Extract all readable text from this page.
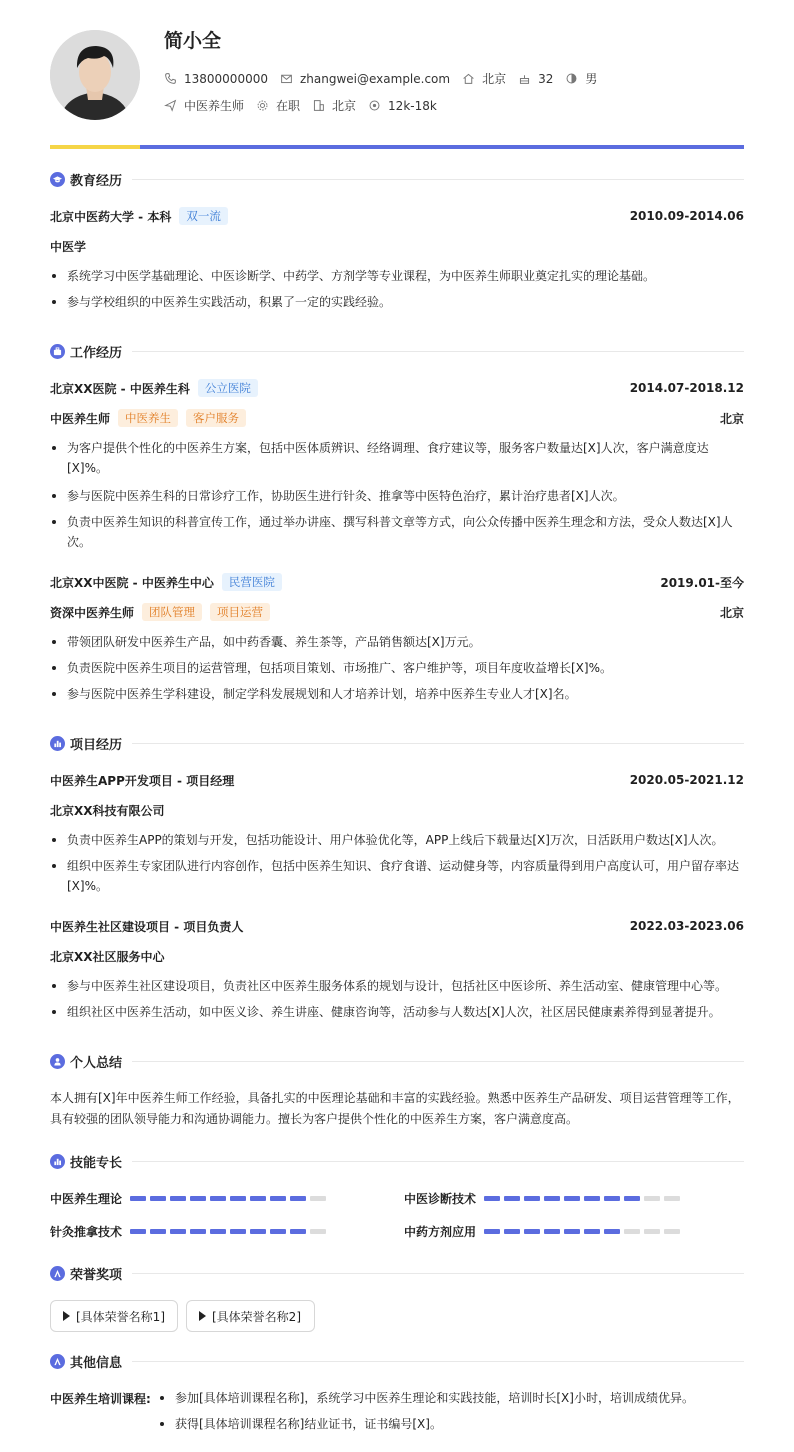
简小全
13800000000	zhangwei@example.com	北京	32	男
中医养生师	在职	北京	12k-18k
教育经历
北京中医药大学 - 本科	双一流	2010.09-2014.06
中医学
系统学习中医学基础理论、中医诊断学、中药学、方剂学等专业课程，为中医养生师职业奠定扎实的理论基础。
参与学校组织的中医养生实践活动，积累了一定的实践经验。
工作经历
北京XX医院 - 中医养生科	公立医院	2014.07-2018.12
中医养生师	中医养生	客户服务	北京
为客户提供个性化的中医养生方案，包括中医体质辨识、经络调理、食疗建议等，服务客户数量达[X]人次，客户满意度达
[X]%。
参与医院中医养生科的日常诊疗工作，协助医生进行针灸、推拿等中医特色治疗，累计治疗患者[X]人次。
负责中医养生知识的科普宣传工作，通过举办讲座、撰写科普文章等方式，向公众传播中医养生理念和方法，受众人数达[X]人
次。
北京XX中医院 - 中医养生中心	民营医院	2019.01-至今
资深中医养生师	团队管理	项目运营	北京
带领团队研发中医养生产品，如中药香囊、养生茶等，产品销售额达[X]万元。
负责医院中医养生项目的运营管理，包括项目策划、市场推广、客户维护等，项目年度收益增长[X]%。
参与医院中医养生学科建设，制定学科发展规划和人才培养计划，培养中医养生专业人才[X]名。
项目经历
中医养生APP开发项目 - 项目经理	2020.05-2021.12
北京XX科技有限公司
负责中医养生APP的策划与开发，包括功能设计、用户体验优化等，APP上线后下载量达[X]万次，日活跃用户数达[X]人次。
组织中医养生专家团队进行内容创作，包括中医养生知识、食疗食谱、运动健身等，内容质量得到用户高度认可，用户留存率达
[X]%。
中医养生社区建设项目 - 项目负责人	2022.03-2023.06
北京XX社区服务中心
参与中医养生社区建设项目，负责社区中医养生服务体系的规划与设计，包括社区中医诊所、养生活动室、健康管理中心等。
组织社区中医养生活动，如中医义诊、养生讲座、健康咨询等，活动参与人数达[X]人次，社区居民健康素养得到显著提升。
个人总结
本人拥有[X]年中医养生师工作经验，具备扎实的中医理论基础和丰富的实践经验。熟悉中医养生产品研发、项目运营管理等工作，
具有较强的团队领导能力和沟通协调能力。擅长为客户提供个性化的中医养生方案，客户满意度高。
技能专长
中医养生理论	中医诊断技术
针灸推拿技术	中药方剂应用
荣誉奖项
[具体荣誉名称1]	[具体荣誉名称2]
其他信息
中医养生培训课程:	参加[具体培训课程名称]，系统学习中医养生理论和实践技能，培训时长[X]小时，培训成绩优异。
获得[具体培训课程名称]结业证书，证书编号[X]。
